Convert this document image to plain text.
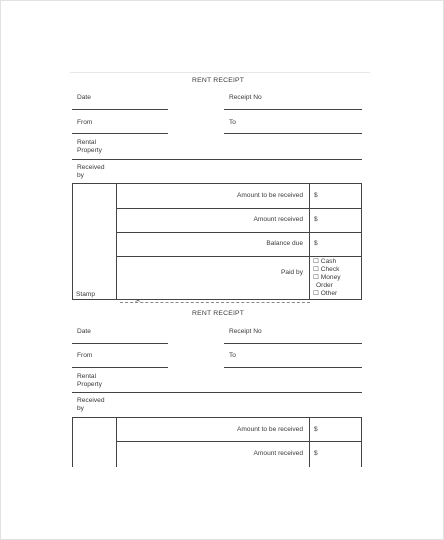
RENT RECEIPT
Date	Receipt No
From	To
Rental
Property
Received
by
Amount to be received $
Amount received $
Balance due $
Paid by
☐ Cash
☐ Check
☐ Money
Order
☐ Other
Stamp
✂
RENT RECEIPT
Date	Receipt No
From	To
Rental
Property
Received
by
Amount to be received $
Amount received $
